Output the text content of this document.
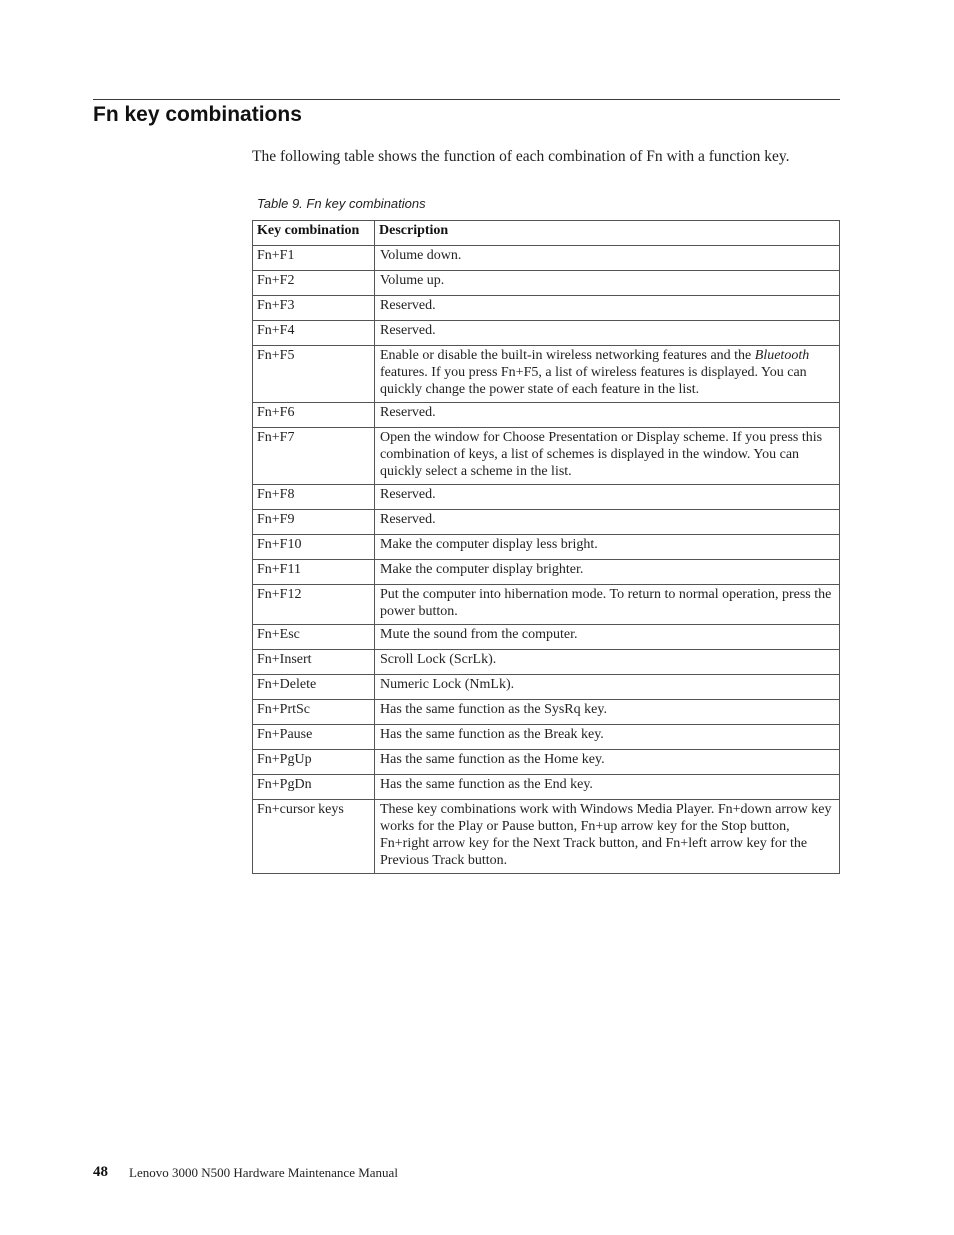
Fn key combinations

The following table shows the function of each combination of Fn with a function key.

Table 9. Fn key combinations

Key combination	Description
Fn+F1	Volume down.
Fn+F2	Volume up.
Fn+F3	Reserved.
Fn+F4	Reserved.
Fn+F5	Enable or disable the built-in wireless networking features and the Bluetooth features. If you press Fn+F5, a list of wireless features is displayed. You can quickly change the power state of each feature in the list.
Fn+F6	Reserved.
Fn+F7	Open the window for Choose Presentation or Display scheme. If you press this combination of keys, a list of schemes is displayed in the window. You can quickly select a scheme in the list.
Fn+F8	Reserved.
Fn+F9	Reserved.
Fn+F10	Make the computer display less bright.
Fn+F11	Make the computer display brighter.
Fn+F12	Put the computer into hibernation mode. To return to normal operation, press the power button.
Fn+Esc	Mute the sound from the computer.
Fn+Insert	Scroll Lock (ScrLk).
Fn+Delete	Numeric Lock (NmLk).
Fn+PrtSc	Has the same function as the SysRq key.
Fn+Pause	Has the same function as the Break key.
Fn+PgUp	Has the same function as the Home key.
Fn+PgDn	Has the same function as the End key.
Fn+cursor keys	These key combinations work with Windows Media Player. Fn+down arrow key works for the Play or Pause button, Fn+up arrow key for the Stop button, Fn+right arrow key for the Next Track button, and Fn+left arrow key for the Previous Track button.
48 Lenovo 3000 N500 Hardware Maintenance Manual
